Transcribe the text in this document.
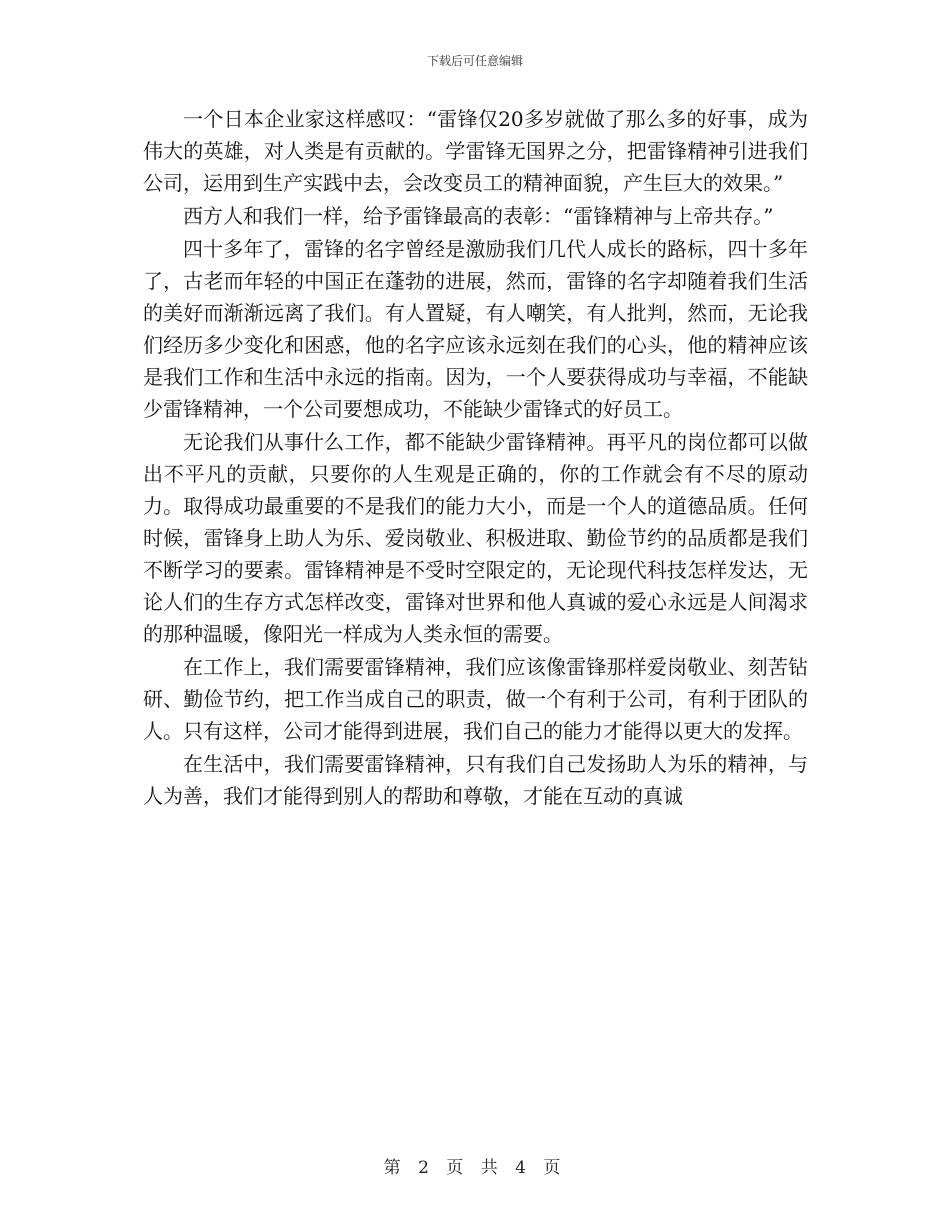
下载后可任意编辑

一个日本企业家这样感叹：“雷锋仅20多岁就做了那么多的好事，成为伟大的英雄，对人类是有贡献的。学雷锋无国界之分，把雷锋精神引进我们公司，运用到生产实践中去，会改变员工的精神面貌，产生巨大的效果。”

西方人和我们一样，给予雷锋最高的表彰：“雷锋精神与上帝共存。”

四十多年了，雷锋的名字曾经是激励我们几代人成长的路标，四十多年了，古老而年轻的中国正在蓬勃的进展，然而，雷锋的名字却随着我们生活的美好而渐渐远离了我们。有人置疑，有人嘲笑，有人批判，然而，无论我们经历多少变化和困惑，他的名字应该永远刻在我们的心头，他的精神应该是我们工作和生活中永远的指南。因为，一个人要获得成功与幸福，不能缺少雷锋精神，一个公司要想成功，不能缺少雷锋式的好员工。

无论我们从事什么工作，都不能缺少雷锋精神。再平凡的岗位都可以做出不平凡的贡献，只要你的人生观是正确的，你的工作就会有不尽的原动力。取得成功最重要的不是我们的能力大小，而是一个人的道德品质。任何时候，雷锋身上助人为乐、爱岗敬业、积极进取、勤俭节约的品质都是我们不断学习的要素。雷锋精神是不受时空限定的，无论现代科技怎样发达，无论人们的生存方式怎样改变，雷锋对世界和他人真诚的爱心永远是人间渴求的那种温暖，像阳光一样成为人类永恒的需要。

在工作上，我们需要雷锋精神，我们应该像雷锋那样爱岗敬业、刻苦钻研、勤俭节约，把工作当成自己的职责，做一个有利于公司，有利于团队的人。只有这样，公司才能得到进展，我们自己的能力才能得以更大的发挥。

在生活中，我们需要雷锋精神，只有我们自己发扬助人为乐的精神，与人为善，我们才能得到别人的帮助和尊敬，才能在互动的真诚

第 2 页 共 4 页
